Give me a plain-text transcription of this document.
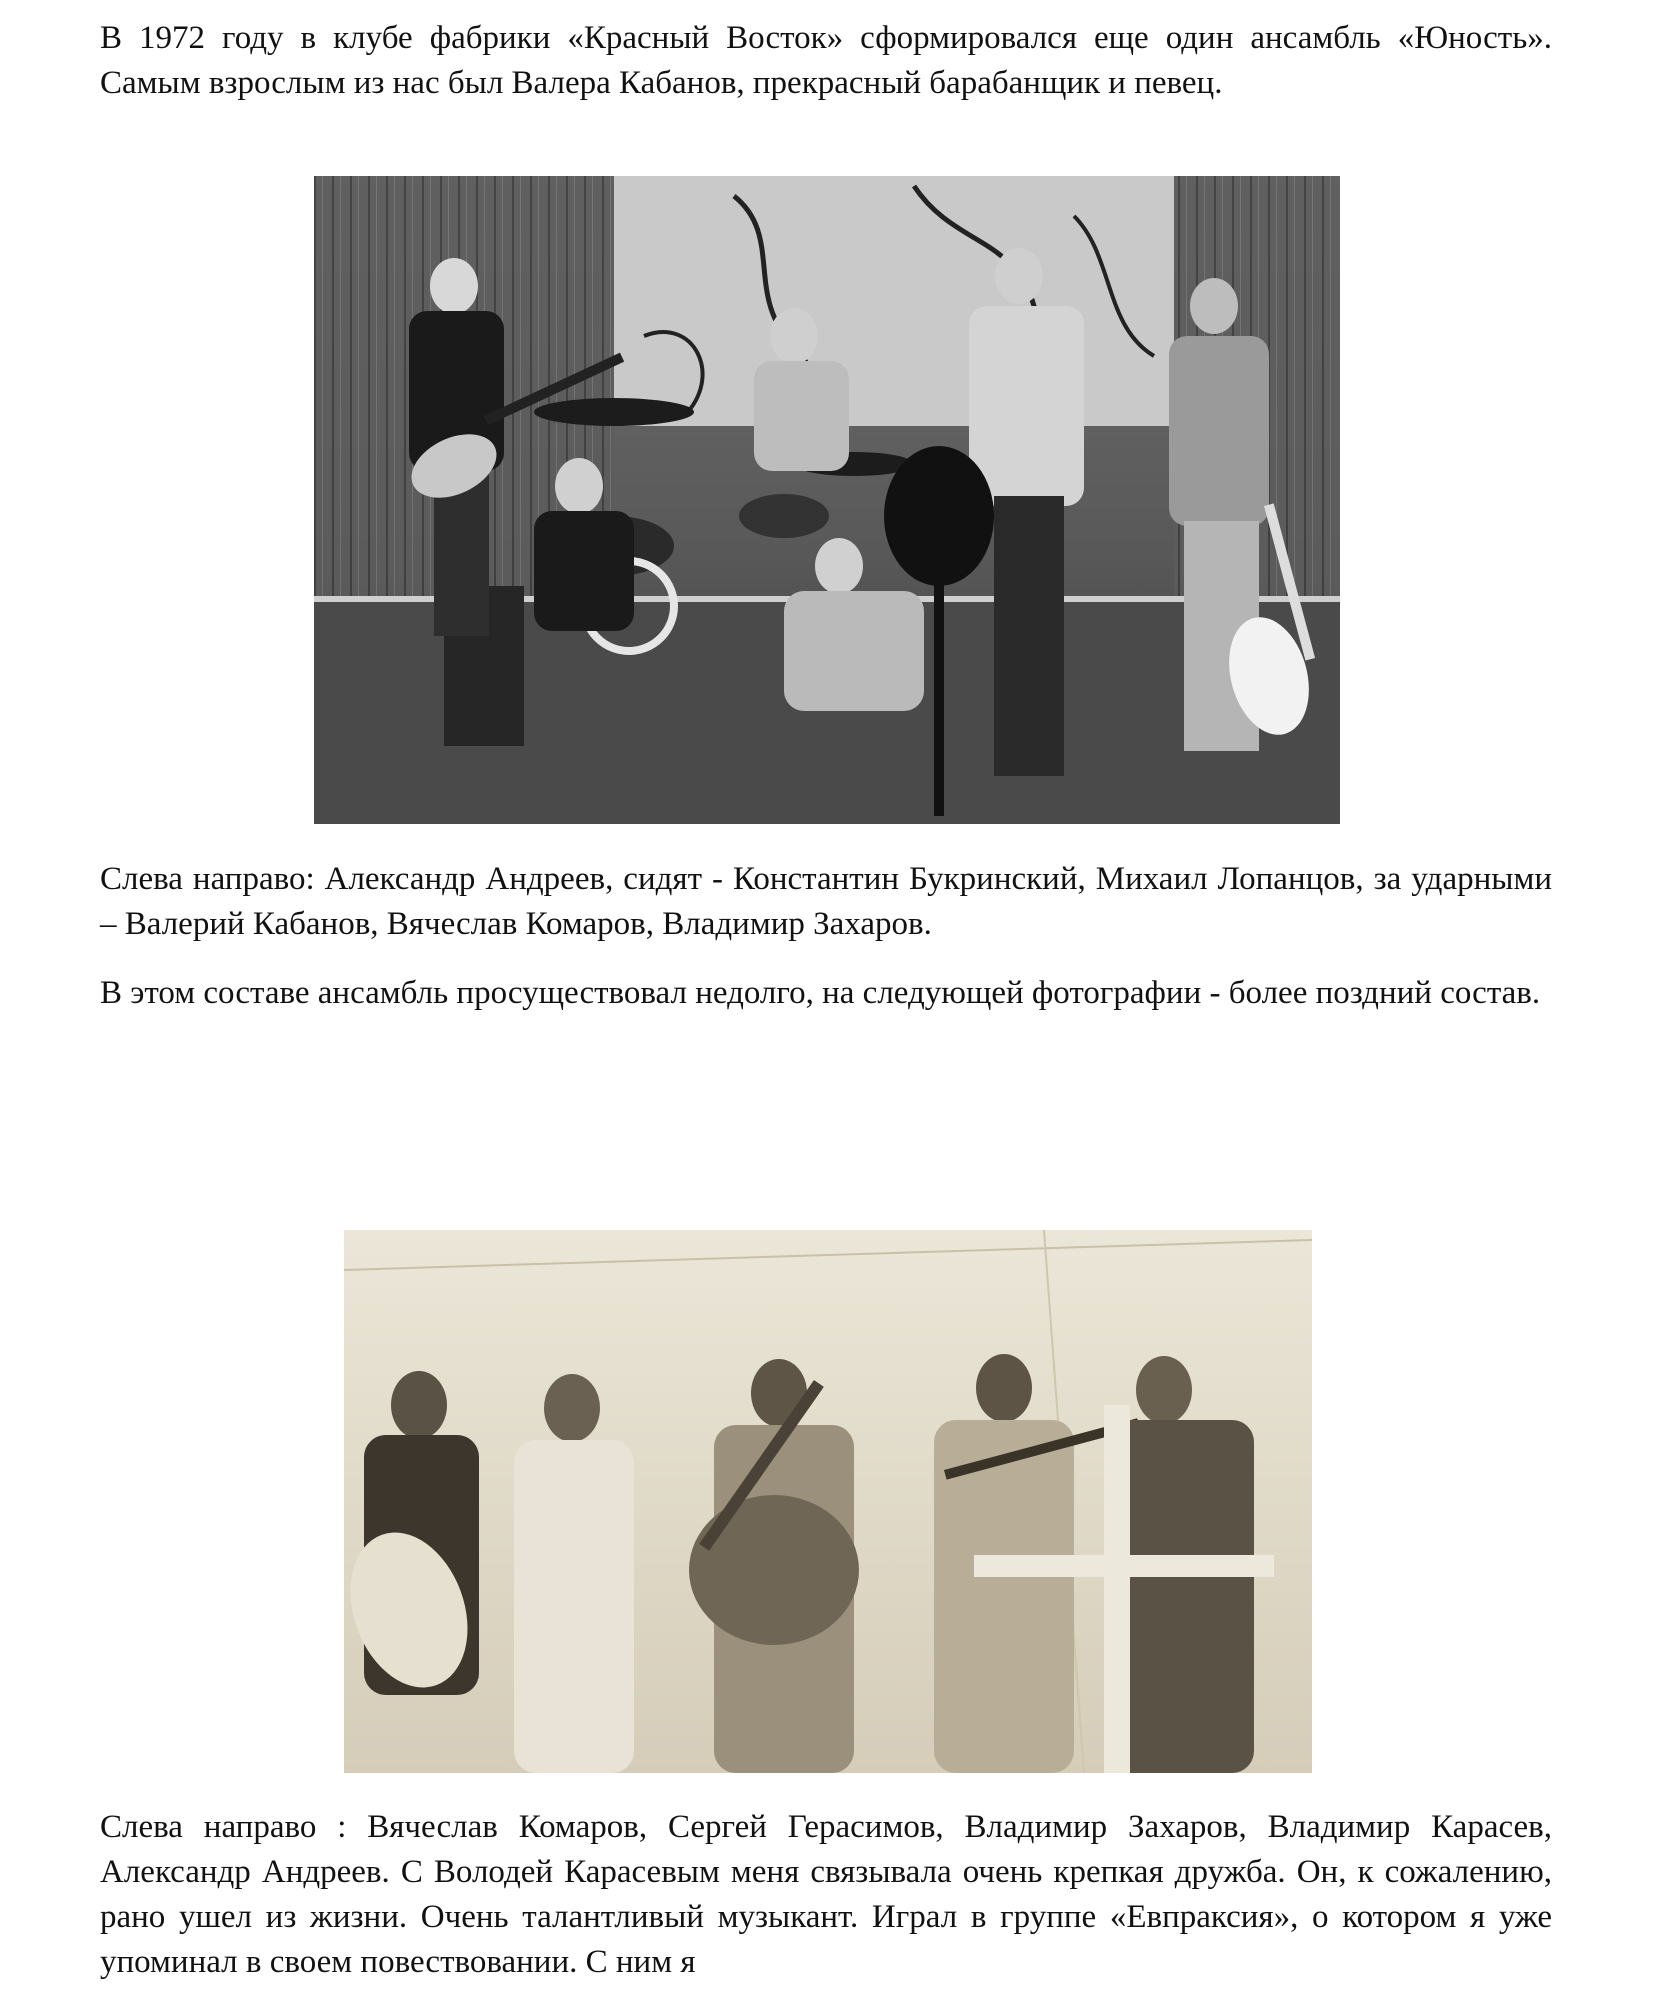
В 1972 году в клубе фабрики «Красный Восток» сформировался еще один ансамбль «Юность». Самым взрослым из нас был Валера Кабанов, прекрасный барабанщик и певец.

Слева направо: Александр Андреев, сидят - Константин Букринский, Михаил Лопанцов, за ударными – Валерий Кабанов, Вячеслав Комаров, Владимир Захаров.

В этом составе ансамбль просуществовал недолго, на следующей фотографии - более поздний состав.

Слева направо : Вячеслав Комаров, Сергей Герасимов, Владимир Захаров, Владимир Карасев, Александр Андреев. С Володей Карасевым меня связывала очень крепкая дружба. Он, к сожалению, рано ушел из жизни. Очень талантливый музыкант. Играл в группе «Евпраксия», о котором я уже упоминал в своем повествовании. С ним я
